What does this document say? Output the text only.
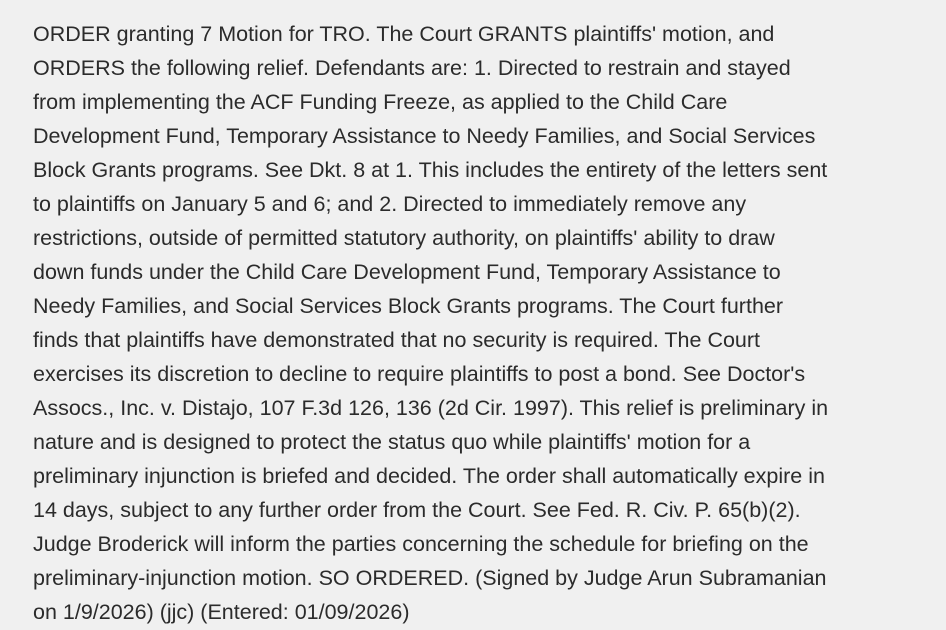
ORDER granting 7 Motion for TRO. The Court GRANTS plaintiffs' motion, and
ORDERS the following relief. Defendants are: 1. Directed to restrain and stayed
from implementing the ACF Funding Freeze, as applied to the Child Care
Development Fund, Temporary Assistance to Needy Families, and Social Services
Block Grants programs. See Dkt. 8 at 1. This includes the entirety of the letters sent
to plaintiffs on January 5 and 6; and 2. Directed to immediately remove any
restrictions, outside of permitted statutory authority, on plaintiffs' ability to draw
down funds under the Child Care Development Fund, Temporary Assistance to
Needy Families, and Social Services Block Grants programs. The Court further
finds that plaintiffs have demonstrated that no security is required. The Court
exercises its discretion to decline to require plaintiffs to post a bond. See Doctor's
Assocs., Inc. v. Distajo, 107 F.3d 126, 136 (2d Cir. 1997). This relief is preliminary in
nature and is designed to protect the status quo while plaintiffs' motion for a
preliminary injunction is briefed and decided. The order shall automatically expire in
14 days, subject to any further order from the Court. See Fed. R. Civ. P. 65(b)(2).
Judge Broderick will inform the parties concerning the schedule for briefing on the
preliminary-injunction motion. SO ORDERED. (Signed by Judge Arun Subramanian
on 1/9/2026) (jjc) (Entered: 01/09/2026)
